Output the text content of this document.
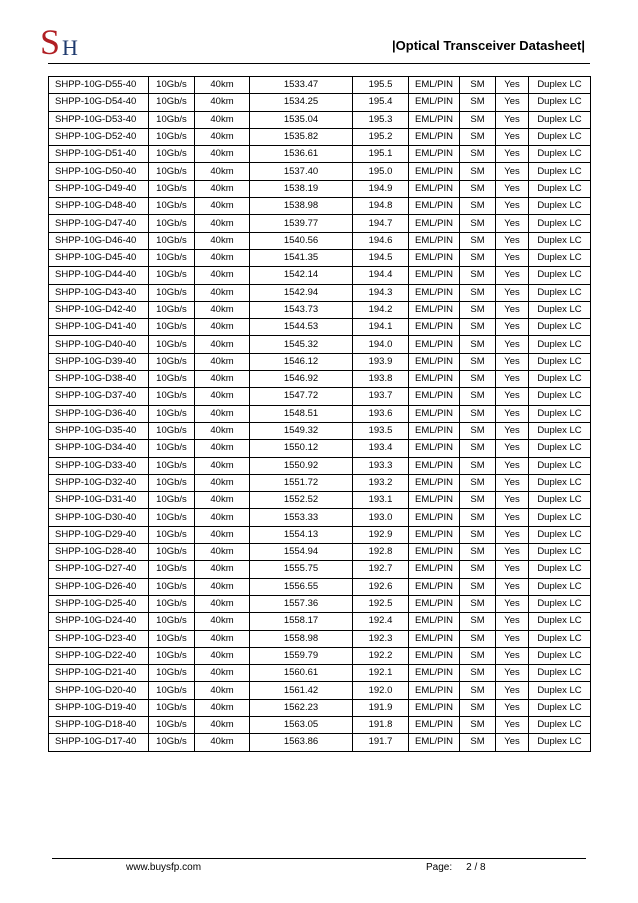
S H	|Optical Transceiver Datasheet|
SHPP-10G-D55-40	10Gb/s	40km	1533.47	195.5	EML/PIN	SM	Yes	Duplex LC
SHPP-10G-D54-40	10Gb/s	40km	1534.25	195.4	EML/PIN	SM	Yes	Duplex LC
SHPP-10G-D53-40	10Gb/s	40km	1535.04	195.3	EML/PIN	SM	Yes	Duplex LC
SHPP-10G-D52-40	10Gb/s	40km	1535.82	195.2	EML/PIN	SM	Yes	Duplex LC
SHPP-10G-D51-40	10Gb/s	40km	1536.61	195.1	EML/PIN	SM	Yes	Duplex LC
SHPP-10G-D50-40	10Gb/s	40km	1537.40	195.0	EML/PIN	SM	Yes	Duplex LC
SHPP-10G-D49-40	10Gb/s	40km	1538.19	194.9	EML/PIN	SM	Yes	Duplex LC
SHPP-10G-D48-40	10Gb/s	40km	1538.98	194.8	EML/PIN	SM	Yes	Duplex LC
SHPP-10G-D47-40	10Gb/s	40km	1539.77	194.7	EML/PIN	SM	Yes	Duplex LC
SHPP-10G-D46-40	10Gb/s	40km	1540.56	194.6	EML/PIN	SM	Yes	Duplex LC
SHPP-10G-D45-40	10Gb/s	40km	1541.35	194.5	EML/PIN	SM	Yes	Duplex LC
SHPP-10G-D44-40	10Gb/s	40km	1542.14	194.4	EML/PIN	SM	Yes	Duplex LC
SHPP-10G-D43-40	10Gb/s	40km	1542.94	194.3	EML/PIN	SM	Yes	Duplex LC
SHPP-10G-D42-40	10Gb/s	40km	1543.73	194.2	EML/PIN	SM	Yes	Duplex LC
SHPP-10G-D41-40	10Gb/s	40km	1544.53	194.1	EML/PIN	SM	Yes	Duplex LC
SHPP-10G-D40-40	10Gb/s	40km	1545.32	194.0	EML/PIN	SM	Yes	Duplex LC
SHPP-10G-D39-40	10Gb/s	40km	1546.12	193.9	EML/PIN	SM	Yes	Duplex LC
SHPP-10G-D38-40	10Gb/s	40km	1546.92	193.8	EML/PIN	SM	Yes	Duplex LC
SHPP-10G-D37-40	10Gb/s	40km	1547.72	193.7	EML/PIN	SM	Yes	Duplex LC
SHPP-10G-D36-40	10Gb/s	40km	1548.51	193.6	EML/PIN	SM	Yes	Duplex LC
SHPP-10G-D35-40	10Gb/s	40km	1549.32	193.5	EML/PIN	SM	Yes	Duplex LC
SHPP-10G-D34-40	10Gb/s	40km	1550.12	193.4	EML/PIN	SM	Yes	Duplex LC
SHPP-10G-D33-40	10Gb/s	40km	1550.92	193.3	EML/PIN	SM	Yes	Duplex LC
SHPP-10G-D32-40	10Gb/s	40km	1551.72	193.2	EML/PIN	SM	Yes	Duplex LC
SHPP-10G-D31-40	10Gb/s	40km	1552.52	193.1	EML/PIN	SM	Yes	Duplex LC
SHPP-10G-D30-40	10Gb/s	40km	1553.33	193.0	EML/PIN	SM	Yes	Duplex LC
SHPP-10G-D29-40	10Gb/s	40km	1554.13	192.9	EML/PIN	SM	Yes	Duplex LC
SHPP-10G-D28-40	10Gb/s	40km	1554.94	192.8	EML/PIN	SM	Yes	Duplex LC
SHPP-10G-D27-40	10Gb/s	40km	1555.75	192.7	EML/PIN	SM	Yes	Duplex LC
SHPP-10G-D26-40	10Gb/s	40km	1556.55	192.6	EML/PIN	SM	Yes	Duplex LC
SHPP-10G-D25-40	10Gb/s	40km	1557.36	192.5	EML/PIN	SM	Yes	Duplex LC
SHPP-10G-D24-40	10Gb/s	40km	1558.17	192.4	EML/PIN	SM	Yes	Duplex LC
SHPP-10G-D23-40	10Gb/s	40km	1558.98	192.3	EML/PIN	SM	Yes	Duplex LC
SHPP-10G-D22-40	10Gb/s	40km	1559.79	192.2	EML/PIN	SM	Yes	Duplex LC
SHPP-10G-D21-40	10Gb/s	40km	1560.61	192.1	EML/PIN	SM	Yes	Duplex LC
SHPP-10G-D20-40	10Gb/s	40km	1561.42	192.0	EML/PIN	SM	Yes	Duplex LC
SHPP-10G-D19-40	10Gb/s	40km	1562.23	191.9	EML/PIN	SM	Yes	Duplex LC
SHPP-10G-D18-40	10Gb/s	40km	1563.05	191.8	EML/PIN	SM	Yes	Duplex LC
SHPP-10G-D17-40	10Gb/s	40km	1563.86	191.7	EML/PIN	SM	Yes	Duplex LC
www.buysfp.com	Page: 2 / 8
